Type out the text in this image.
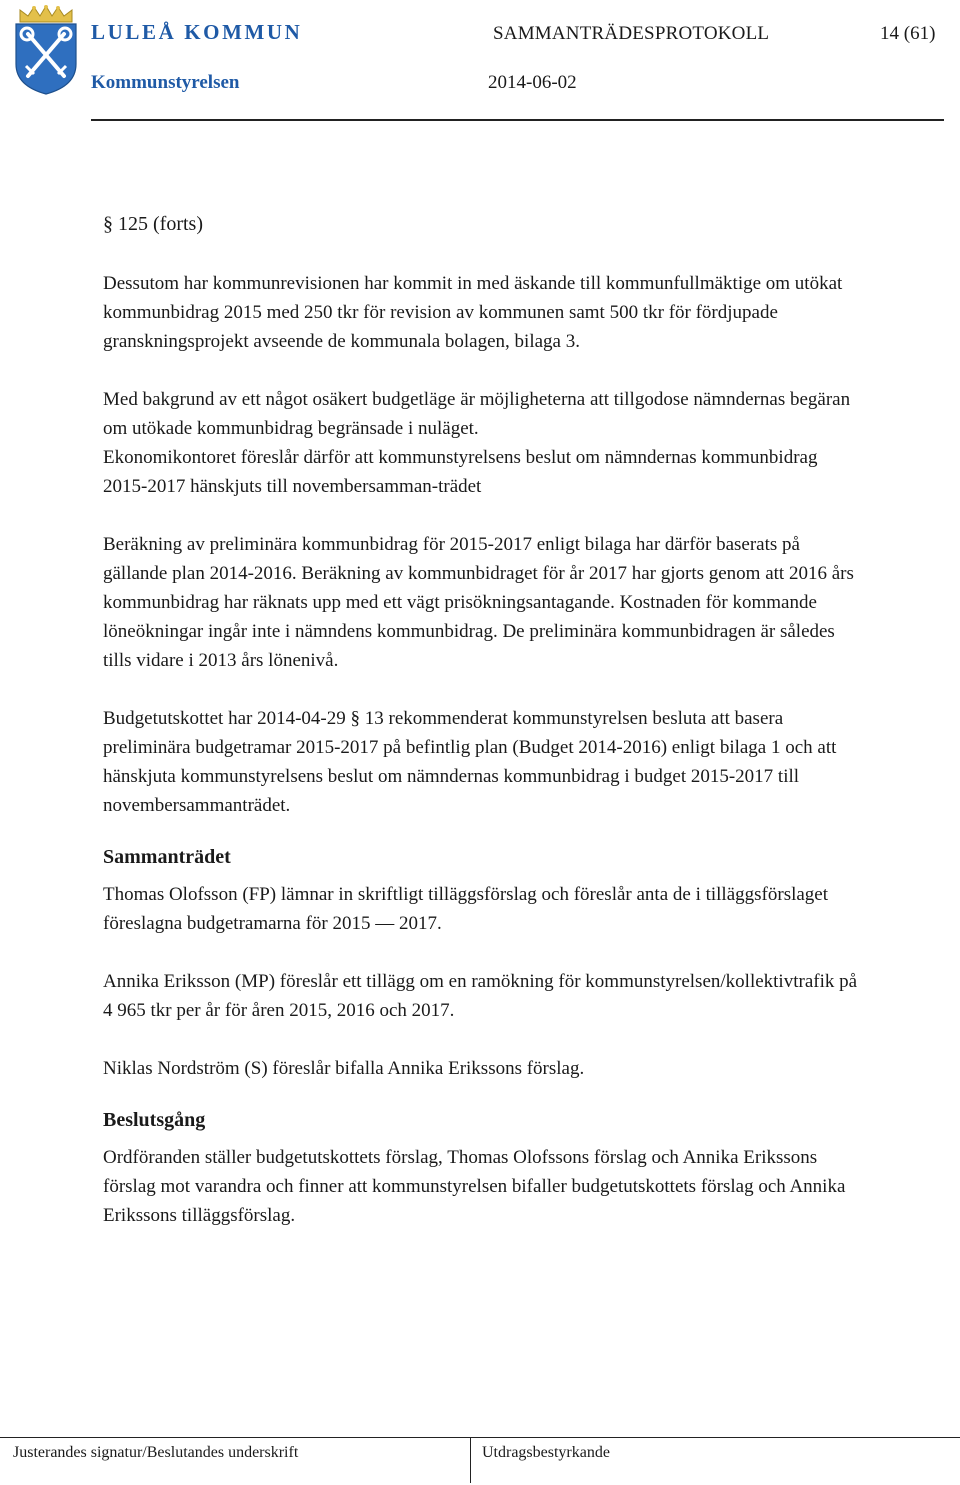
LULEÅ KOMMUN	SAMMANTRÄDESPROTOKOLL	14 (61)
Kommunstyrelsen	2014-06-02

§ 125 (forts)

Dessutom har kommunrevisionen har kommit in med äskande till kommunfullmäktige om utökat kommunbidrag 2015 med 250 tkr för revision av kommunen samt 500 tkr för fördjupade granskningsprojekt avseende de kommunala bolagen, bilaga 3.

Med bakgrund av ett något osäkert budgetläge är möjligheterna att tillgodose nämndernas begäran om utökade kommunbidrag begränsade i nuläget.

Ekonomikontoret föreslår därför att kommunstyrelsens beslut om nämndernas kommunbidrag 2015-2017 hänskjuts till novembersamman-trädet

Beräkning av preliminära kommunbidrag för 2015-2017 enligt bilaga har därför baserats på gällande plan 2014-2016. Beräkning av kommunbidraget för år 2017 har gjorts genom att 2016 års kommunbidrag har räknats upp med ett vägt prisökningsantagande. Kostnaden för kommande löneökningar ingår inte i nämndens kommunbidrag. De preliminära kommunbidragen är således tills vidare i 2013 års lönenivå.

Budgetutskottet har 2014-04-29 § 13 rekommenderat kommunstyrelsen besluta att basera preliminära budgetramar 2015-2017 på befintlig plan (Budget 2014-2016) enligt bilaga 1 och att hänskjuta kommunstyrelsens beslut om nämndernas kommunbidrag i budget 2015-2017 till novembersammanträdet.

Sammanträdet

Thomas Olofsson (FP) lämnar in skriftligt tilläggsförslag och föreslår anta de i tilläggsförslaget föreslagna budgetramarna för 2015 — 2017.

Annika Eriksson (MP) föreslår ett tillägg om en ramökning för kommunstyrelsen/kollektivtrafik på 4 965 tkr per år för åren 2015, 2016 och 2017.

Niklas Nordström (S) föreslår bifalla Annika Erikssons förslag.

Beslutsgång

Ordföranden ställer budgetutskottets förslag, Thomas Olofssons förslag och Annika Erikssons förslag mot varandra och finner att kommunstyrelsen bifaller budgetutskottets förslag och Annika Erikssons tilläggsförslag.

Justerandes signatur/Beslutandes underskrift	Utdragsbestyrkande
